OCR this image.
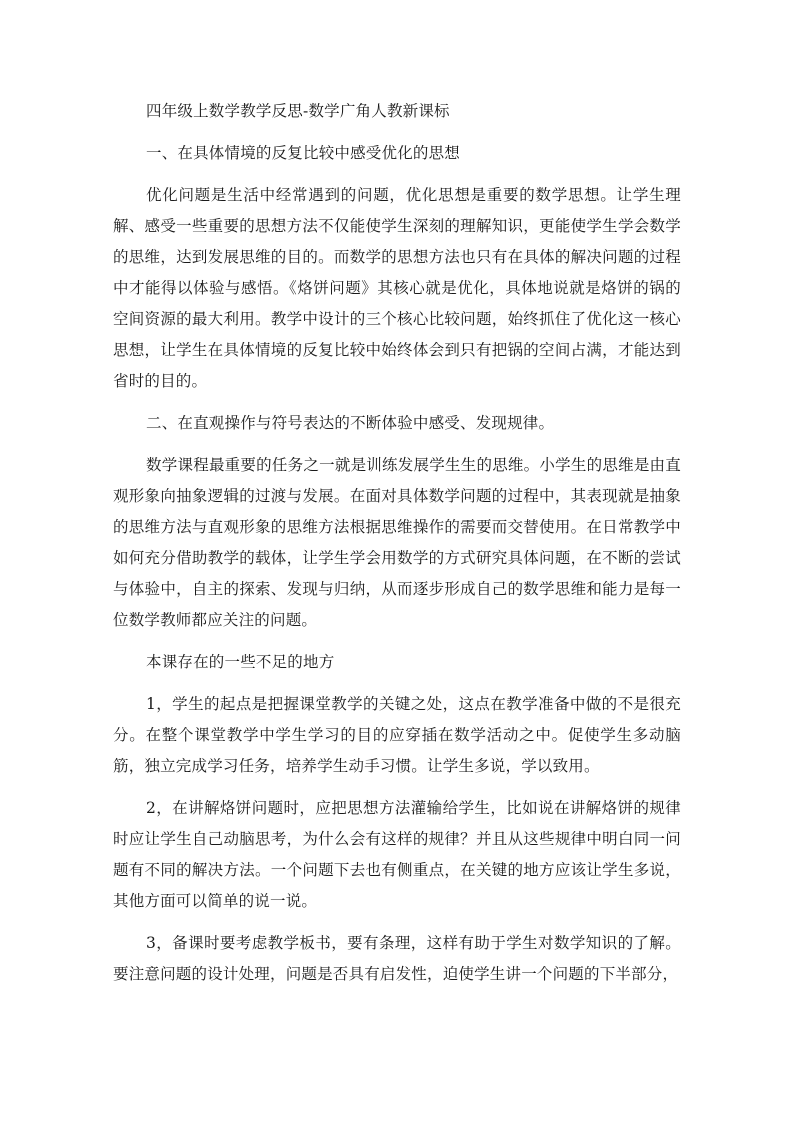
四年级上数学教学反思-数学广角人教新课标

一、在具体情境的反复比较中感受优化的思想

优化问题是生活中经常遇到的问题，优化思想是重要的数学思想。让学生理解、感受一些重要的思想方法不仅能使学生深刻的理解知识，更能使学生学会数学的思维，达到发展思维的目的。而数学的思想方法也只有在具体的解决问题的过程中才能得以体验与感悟。《烙饼问题》其核心就是优化，具体地说就是烙饼的锅的空间资源的最大利用。教学中设计的三个核心比较问题，始终抓住了优化这一核心思想，让学生在具体情境的反复比较中始终体会到只有把锅的空间占满，才能达到省时的目的。

二、在直观操作与符号表达的不断体验中感受、发现规律。

数学课程最重要的任务之一就是训练发展学生生的思维。小学生的思维是由直观形象向抽象逻辑的过渡与发展。在面对具体数学问题的过程中，其表现就是抽象的思维方法与直观形象的思维方法根据思维操作的需要而交替使用。在日常教学中如何充分借助教学的载体，让学生学会用数学的方式研究具体问题，在不断的尝试与体验中，自主的探索、发现与归纳，从而逐步形成自己的数学思维和能力是每一位数学教师都应关注的问题。

本课存在的一些不足的地方

1，学生的起点是把握课堂教学的关键之处，这点在教学准备中做的不是很充分。在整个课堂教学中学生学习的目的应穿插在数学活动之中。促使学生多动脑筋，独立完成学习任务，培养学生动手习惯。让学生多说，学以致用。

2，在讲解烙饼问题时，应把思想方法灌输给学生，比如说在讲解烙饼的规律时应让学生自己动脑思考，为什么会有这样的规律？并且从这些规律中明白同一问题有不同的解决方法。一个问题下去也有侧重点，在关键的地方应该让学生多说，其他方面可以简单的说一说。

3，备课时要考虑教学板书，要有条理，这样有助于学生对数学知识的了解。要注意问题的设计处理，问题是否具有启发性，迫使学生讲一个问题的下半部分，
